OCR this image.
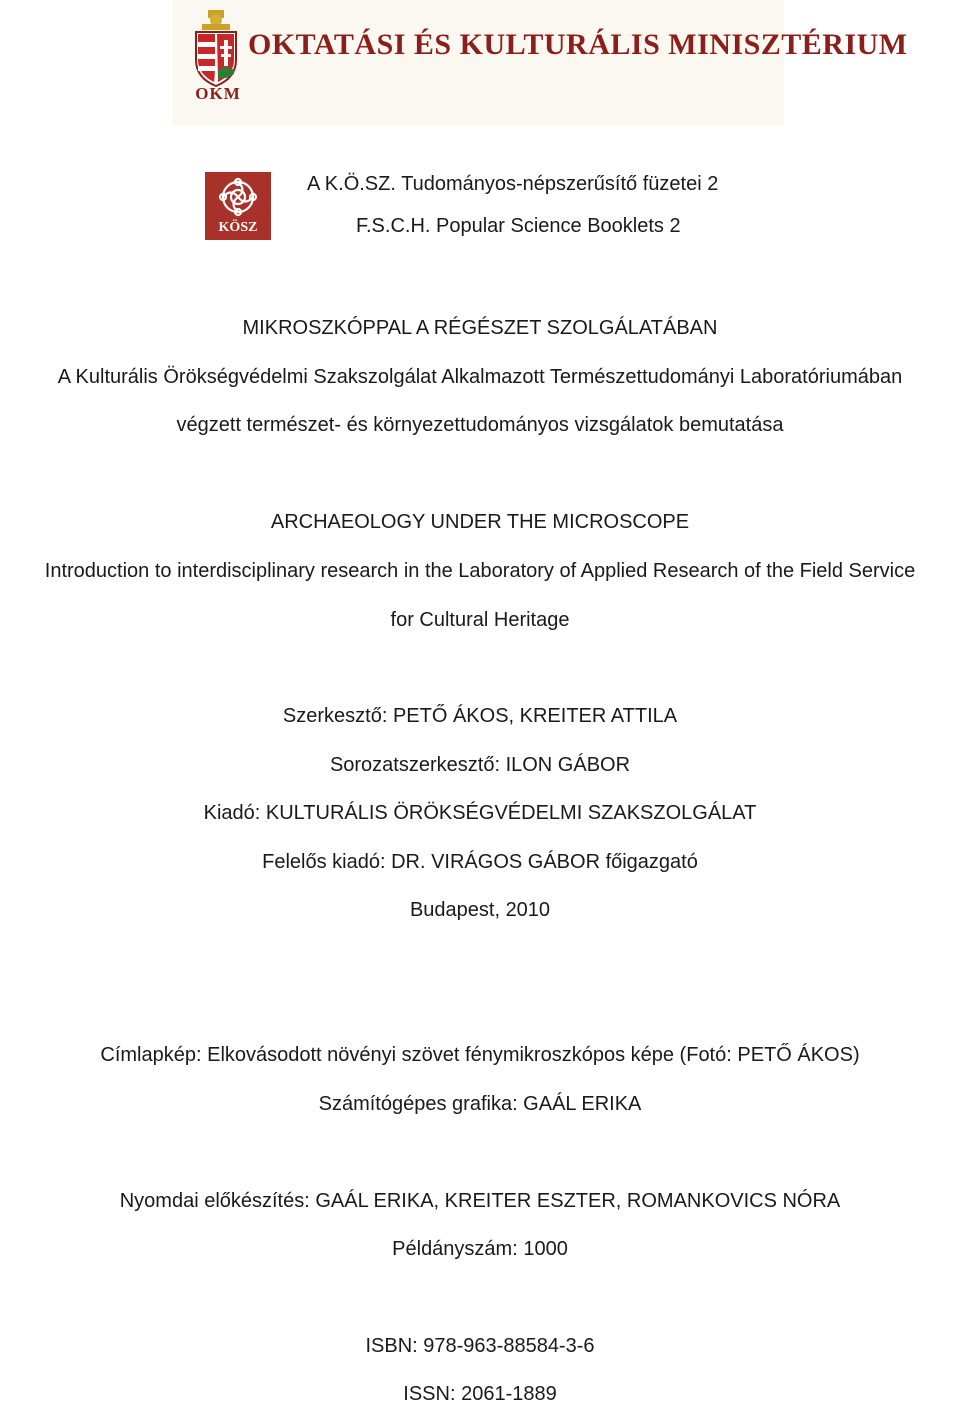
OKM
OKTATÁSI ÉS KULTURÁLIS MINISZTÉRIUM
KÖSZ
A K.Ö.SZ. Tudományos-népszerűsítő füzetei 2
F.S.C.H. Popular Science Booklets 2
MIKROSZKÓPPAL A RÉGÉSZET SZOLGÁLATÁBAN
A Kulturális Örökségvédelmi Szakszolgálat Alkalmazott Természettudományi Laboratóriumában
végzett természet- és környezettudományos vizsgálatok bemutatása
ARCHAEOLOGY UNDER THE MICROSCOPE
Introduction to interdisciplinary research in the Laboratory of Applied Research of the Field Service
for Cultural Heritage
Szerkesztő: PETŐ ÁKOS, KREITER ATTILA
Sorozatszerkesztő: ILON GÁBOR
Kiadó: KULTURÁLIS ÖRÖKSÉGVÉDELMI SZAKSZOLGÁLAT
Felelős kiadó: DR. VIRÁGOS GÁBOR főigazgató
Budapest, 2010
Címlapkép: Elkovásodott növényi szövet fénymikroszkópos képe (Fotó: PETŐ ÁKOS)
Számítógépes grafika: GAÁL ERIKA
Nyomdai előkészítés: GAÁL ERIKA, KREITER ESZTER, ROMANKOVICS NÓRA
Példányszám: 1000
ISBN: 978-963-88584-3-6
ISSN: 2061-1889
